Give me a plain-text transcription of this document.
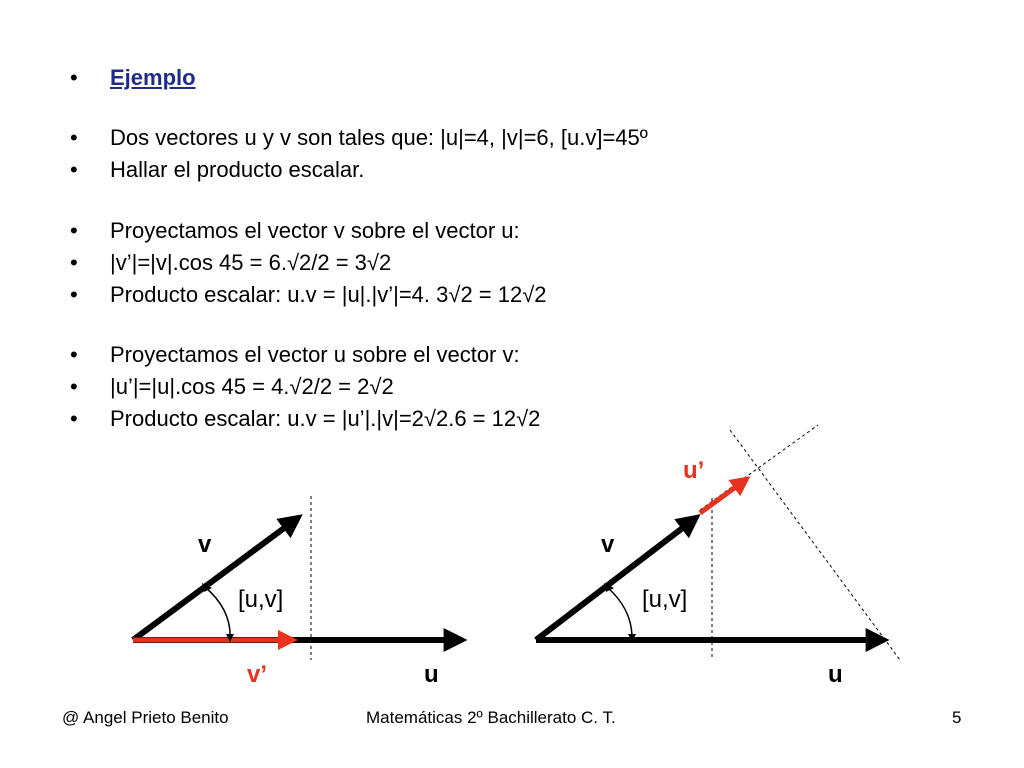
• Ejemplo
• Dos vectores u y v son tales que: |u|=4, |v|=6, [u.v]=45º
• Hallar el producto escalar.
• Proyectamos el vector v sobre el vector u:
• |v’|=|v|.cos 45 = 6.√2/2 = 3√2
• Producto escalar: u.v = |u|.|v’|=4. 3√2 = 12√2
• Proyectamos el vector u sobre el vector v:
• |u’|=|u|.cos 45 = 4.√2/2 = 2√2
• Producto escalar: u.v = |u’|.|v|=2√2.6 = 12√2
v
u
[u,v]
v’
v
u
[u,v]
u’
@ Angel Prieto Benito	Matemáticas 2º Bachillerato C. T.	5
